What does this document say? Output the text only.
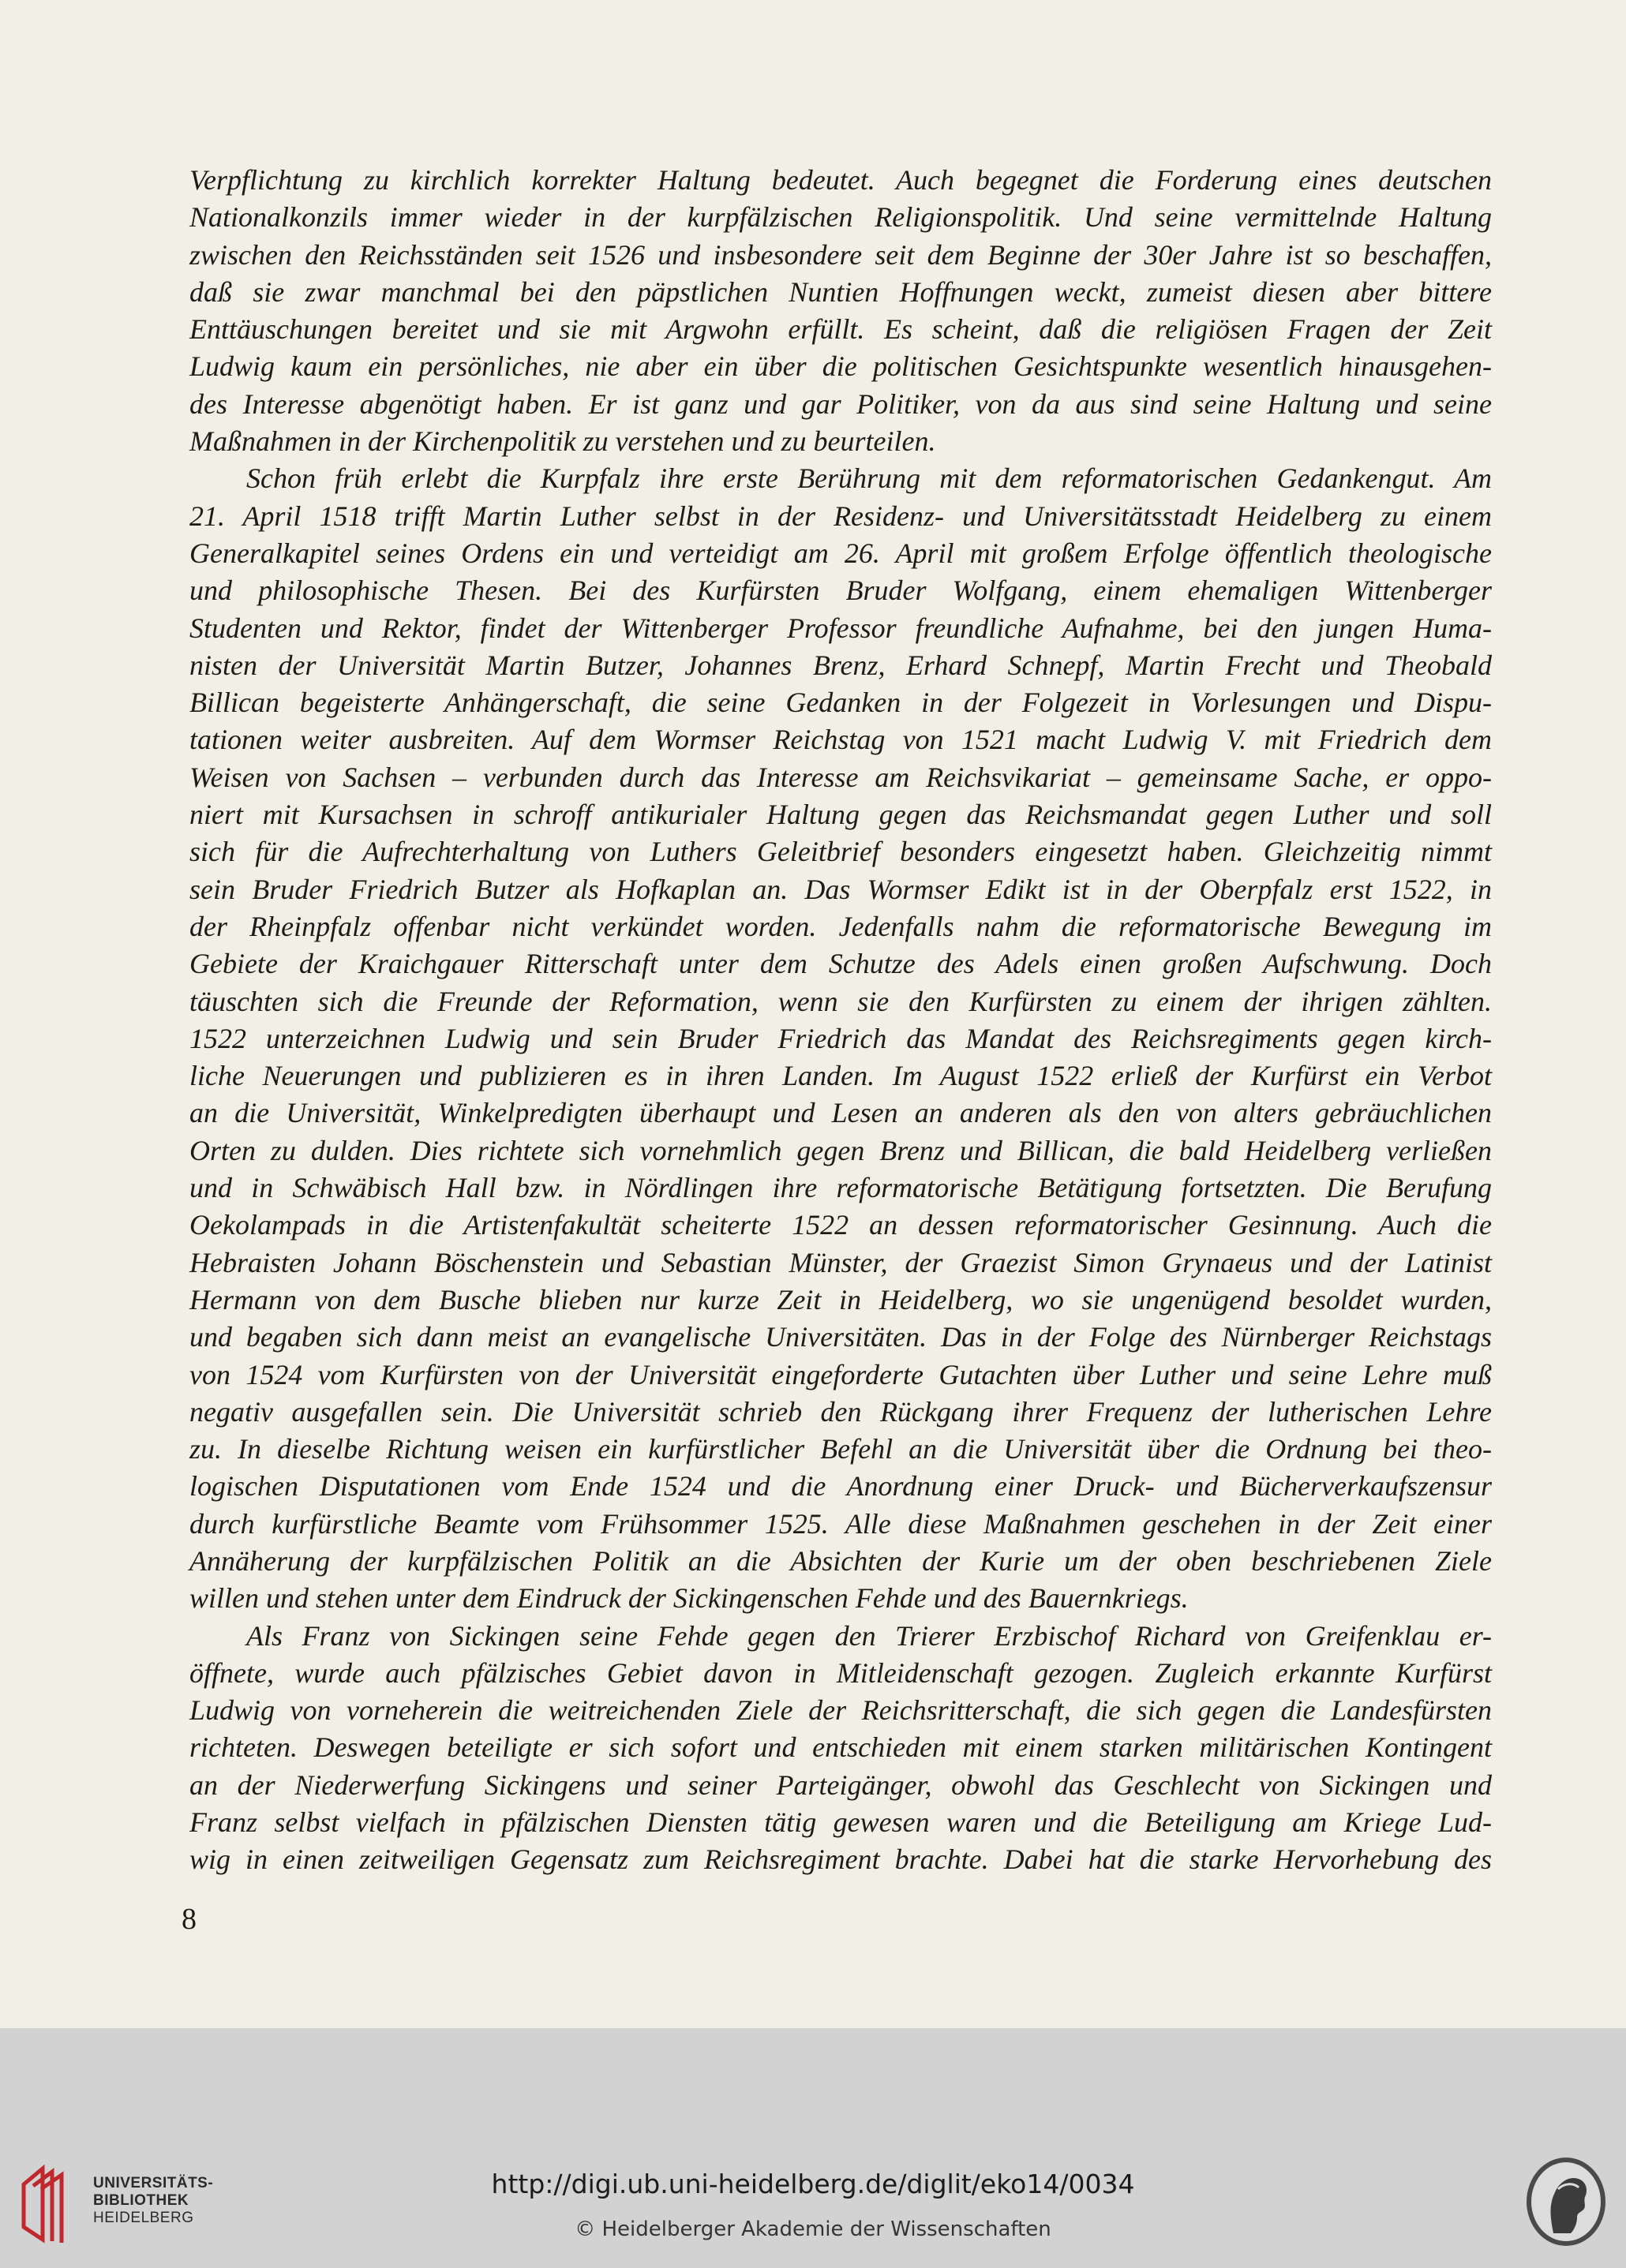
Verpflichtung zu kirchlich korrekter Haltung bedeutet. Auch begegnet die Forderung eines deutschen
Nationalkonzils immer wieder in der kurpfälzischen Religionspolitik. Und seine vermittelnde Haltung
zwischen den Reichsständen seit 1526 und insbesondere seit dem Beginne der 30er Jahre ist so beschaffen,
daß sie zwar manchmal bei den päpstlichen Nuntien Hoffnungen weckt, zumeist diesen aber bittere
Enttäuschungen bereitet und sie mit Argwohn erfüllt. Es scheint, daß die religiösen Fragen der Zeit
Ludwig kaum ein persönliches, nie aber ein über die politischen Gesichtspunkte wesentlich hinausgehen-
des Interesse abgenötigt haben. Er ist ganz und gar Politiker, von da aus sind seine Haltung und seine
Maßnahmen in der Kirchenpolitik zu verstehen und zu beurteilen.
Schon früh erlebt die Kurpfalz ihre erste Berührung mit dem reformatorischen Gedankengut. Am
21. April 1518 trifft Martin Luther selbst in der Residenz- und Universitätsstadt Heidelberg zu einem
Generalkapitel seines Ordens ein und verteidigt am 26. April mit großem Erfolge öffentlich theologische
und philosophische Thesen. Bei des Kurfürsten Bruder Wolfgang, einem ehemaligen Wittenberger
Studenten und Rektor, findet der Wittenberger Professor freundliche Aufnahme, bei den jungen Huma-
nisten der Universität Martin Butzer, Johannes Brenz, Erhard Schnepf, Martin Frecht und Theobald
Billican begeisterte Anhängerschaft, die seine Gedanken in der Folgezeit in Vorlesungen und Dispu-
tationen weiter ausbreiten. Auf dem Wormser Reichstag von 1521 macht Ludwig V. mit Friedrich dem
Weisen von Sachsen – verbunden durch das Interesse am Reichsvikariat – gemeinsame Sache, er oppo-
niert mit Kursachsen in schroff antikurialer Haltung gegen das Reichsmandat gegen Luther und soll
sich für die Aufrechterhaltung von Luthers Geleitbrief besonders eingesetzt haben. Gleichzeitig nimmt
sein Bruder Friedrich Butzer als Hofkaplan an. Das Wormser Edikt ist in der Oberpfalz erst 1522, in
der Rheinpfalz offenbar nicht verkündet worden. Jedenfalls nahm die reformatorische Bewegung im
Gebiete der Kraichgauer Ritterschaft unter dem Schutze des Adels einen großen Aufschwung. Doch
täuschten sich die Freunde der Reformation, wenn sie den Kurfürsten zu einem der ihrigen zählten.
1522 unterzeichnen Ludwig und sein Bruder Friedrich das Mandat des Reichsregiments gegen kirch-
liche Neuerungen und publizieren es in ihren Landen. Im August 1522 erließ der Kurfürst ein Verbot
an die Universität, Winkelpredigten überhaupt und Lesen an anderen als den von alters gebräuchlichen
Orten zu dulden. Dies richtete sich vornehmlich gegen Brenz und Billican, die bald Heidelberg verließen
und in Schwäbisch Hall bzw. in Nördlingen ihre reformatorische Betätigung fortsetzten. Die Berufung
Oekolampads in die Artistenfakultät scheiterte 1522 an dessen reformatorischer Gesinnung. Auch die
Hebraisten Johann Böschenstein und Sebastian Münster, der Graezist Simon Grynaeus und der Latinist
Hermann von dem Busche blieben nur kurze Zeit in Heidelberg, wo sie ungenügend besoldet wurden,
und begaben sich dann meist an evangelische Universitäten. Das in der Folge des Nürnberger Reichstags
von 1524 vom Kurfürsten von der Universität eingeforderte Gutachten über Luther und seine Lehre muß
negativ ausgefallen sein. Die Universität schrieb den Rückgang ihrer Frequenz der lutherischen Lehre
zu. In dieselbe Richtung weisen ein kurfürstlicher Befehl an die Universität über die Ordnung bei theo-
logischen Disputationen vom Ende 1524 und die Anordnung einer Druck- und Bücherverkaufszensur
durch kurfürstliche Beamte vom Frühsommer 1525. Alle diese Maßnahmen geschehen in der Zeit einer
Annäherung der kurpfälzischen Politik an die Absichten der Kurie um der oben beschriebenen Ziele
willen und stehen unter dem Eindruck der Sickingenschen Fehde und des Bauernkriegs.
Als Franz von Sickingen seine Fehde gegen den Trierer Erzbischof Richard von Greifenklau er-
öffnete, wurde auch pfälzisches Gebiet davon in Mitleidenschaft gezogen. Zugleich erkannte Kurfürst
Ludwig von vorneherein die weitreichenden Ziele der Reichsritterschaft, die sich gegen die Landesfürsten
richteten. Deswegen beteiligte er sich sofort und entschieden mit einem starken militärischen Kontingent
an der Niederwerfung Sickingens und seiner Parteigänger, obwohl das Geschlecht von Sickingen und
Franz selbst vielfach in pfälzischen Diensten tätig gewesen waren und die Beteiligung am Kriege Lud-
wig in einen zeitweiligen Gegensatz zum Reichsregiment brachte. Dabei hat die starke Hervorhebung des
8
UNIVERSITÄTS-
BIBLIOTHEK
HEIDELBERG
http://digi.ub.uni-heidelberg.de/diglit/eko14/0034
© Heidelberger Akademie der Wissenschaften
